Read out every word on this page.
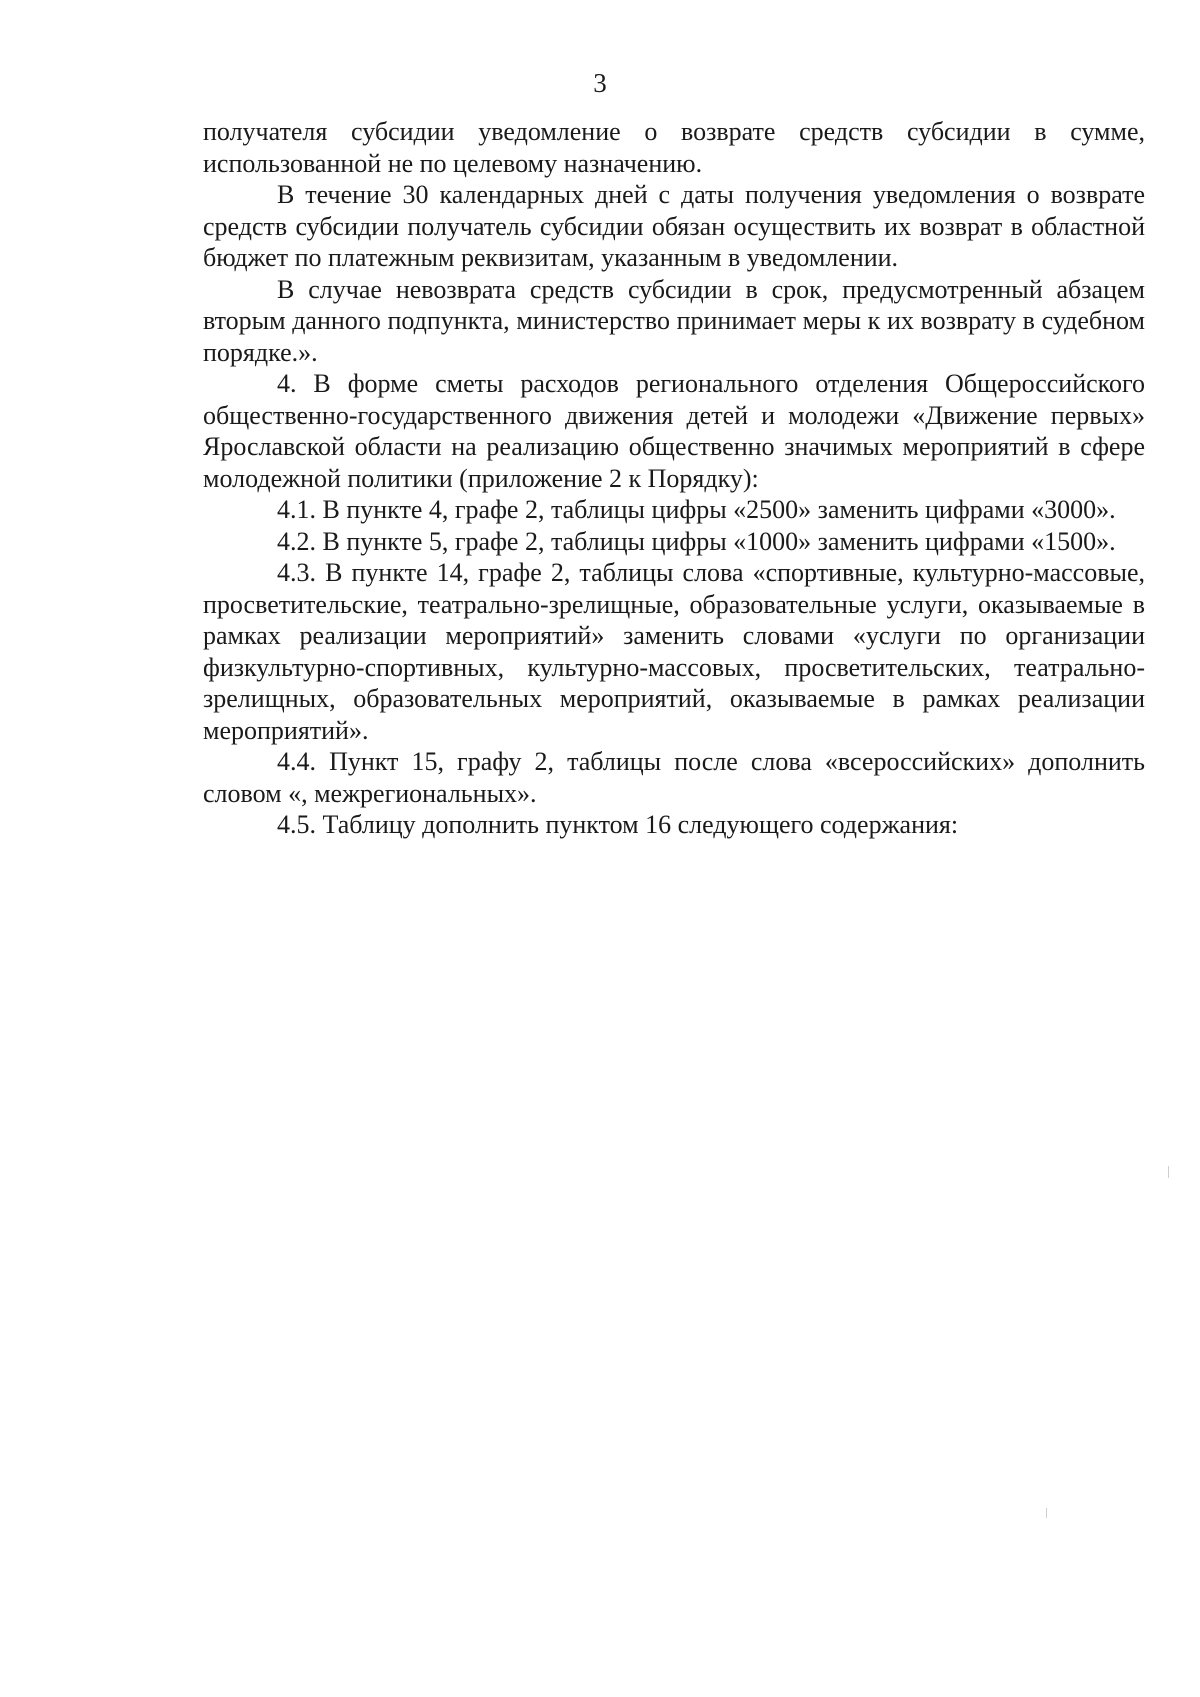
3

получателя субсидии уведомление о возврате средств субсидии в сумме, использованной не по целевому назначению.

В течение 30 календарных дней с даты получения уведомления о возврате средств субсидии получатель субсидии обязан осуществить их возврат в областной бюджет по платежным реквизитам, указанным в уведомлении.

В случае невозврата средств субсидии в срок, предусмотренный абзацем вторым данного подпункта, министерство принимает меры к их возврату в судебном порядке.».

4. В форме сметы расходов регионального отделения Общероссийского общественно-государственного движения детей и молодежи «Движение первых» Ярославской области на реализацию общественно значимых мероприятий в сфере молодежной политики (приложение 2 к Порядку):

4.1. В пункте 4, графе 2, таблицы цифры «2500» заменить цифрами «3000».

4.2. В пункте 5, графе 2, таблицы цифры «1000» заменить цифрами «1500».

4.3. В пункте 14, графе 2, таблицы слова «спортивные, культурно-массовые, просветительские, театрально-зрелищные, образовательные услуги, оказываемые в рамках реализации мероприятий» заменить словами «услуги по организации физкультурно-спортивных, культурно-массовых, просветительских, театрально-зрелищных, образовательных мероприятий, оказываемые в рамках реализации мероприятий».

4.4. Пункт 15, графу 2, таблицы после слова «всероссийских» дополнить словом «, межрегиональных».

4.5. Таблицу дополнить пунктом 16 следующего содержания:
